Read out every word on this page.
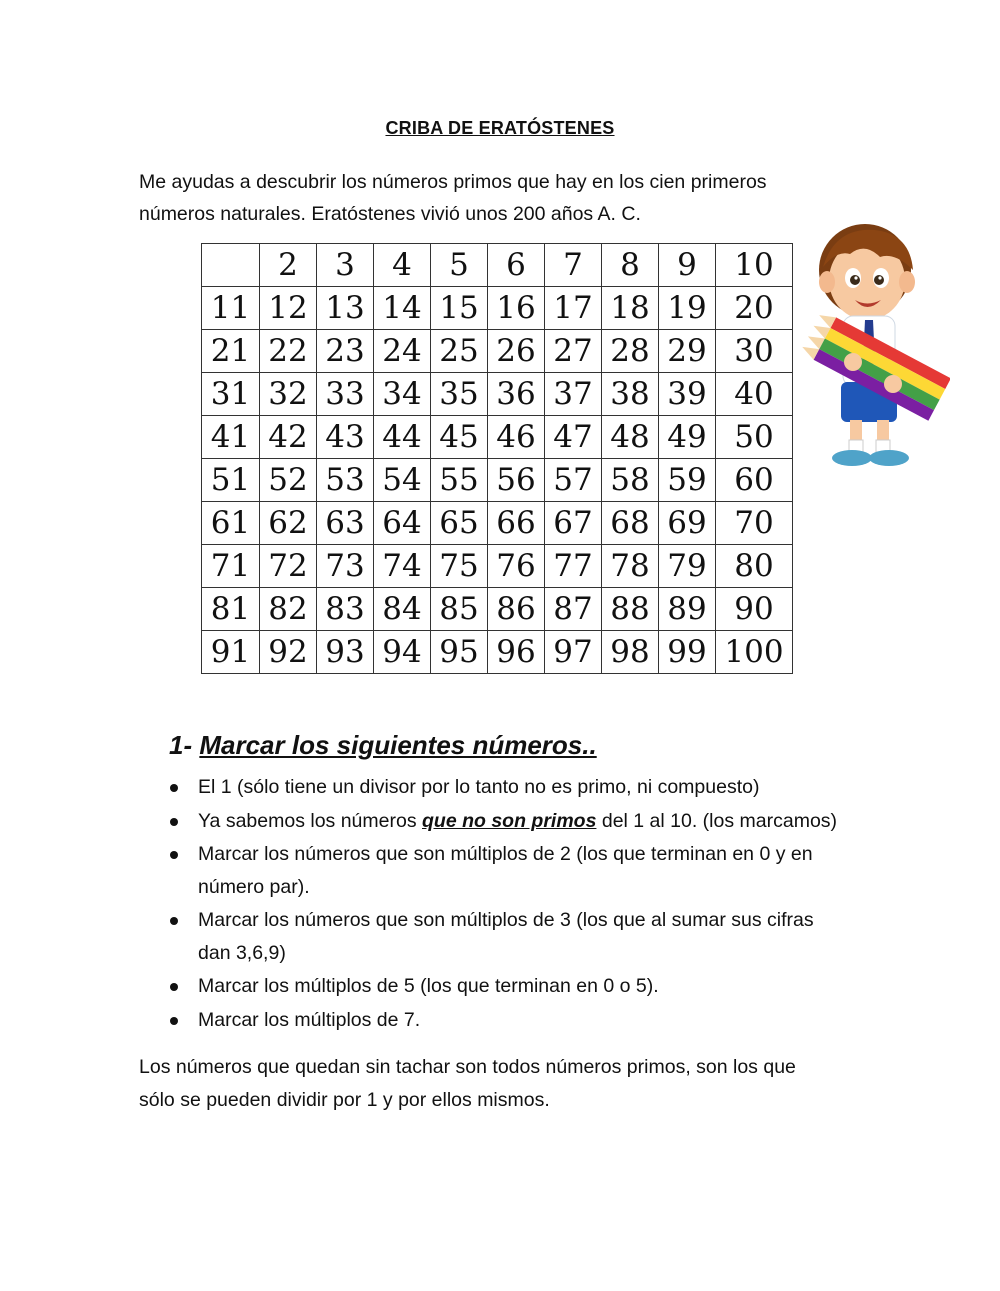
CRIBA DE ERATÓSTENES
Me ayudas a descubrir los números primos que hay en los cien primeros
números naturales. Eratóstenes vivió unos 200 años A. C.
	2	3	4	5	6	7	8	9	10
11	12	13	14	15	16	17	18	19	20
21	22	23	24	25	26	27	28	29	30
31	32	33	34	35	36	37	38	39	40
41	42	43	44	45	46	47	48	49	50
51	52	53	54	55	56	57	58	59	60
61	62	63	64	65	66	67	68	69	70
71	72	73	74	75	76	77	78	79	80
81	82	83	84	85	86	87	88	89	90
91	92	93	94	95	96	97	98	99	100
1- Marcar los siguientes números..
El 1 (sólo tiene un divisor por lo tanto no es primo, ni compuesto)
Ya sabemos los números que no son primos del 1 al 10. (los marcamos)
Marcar los números que son múltiplos de 2 (los que terminan en 0 y en
número par).
Marcar los números que son múltiplos de 3 (los que al sumar sus cifras
dan 3,6,9)
Marcar los múltiplos de 5 (los que terminan en 0 o 5).
Marcar los múltiplos de 7.
Los números que quedan sin tachar son todos números primos, son los que
sólo se pueden dividir por 1 y por ellos mismos.
